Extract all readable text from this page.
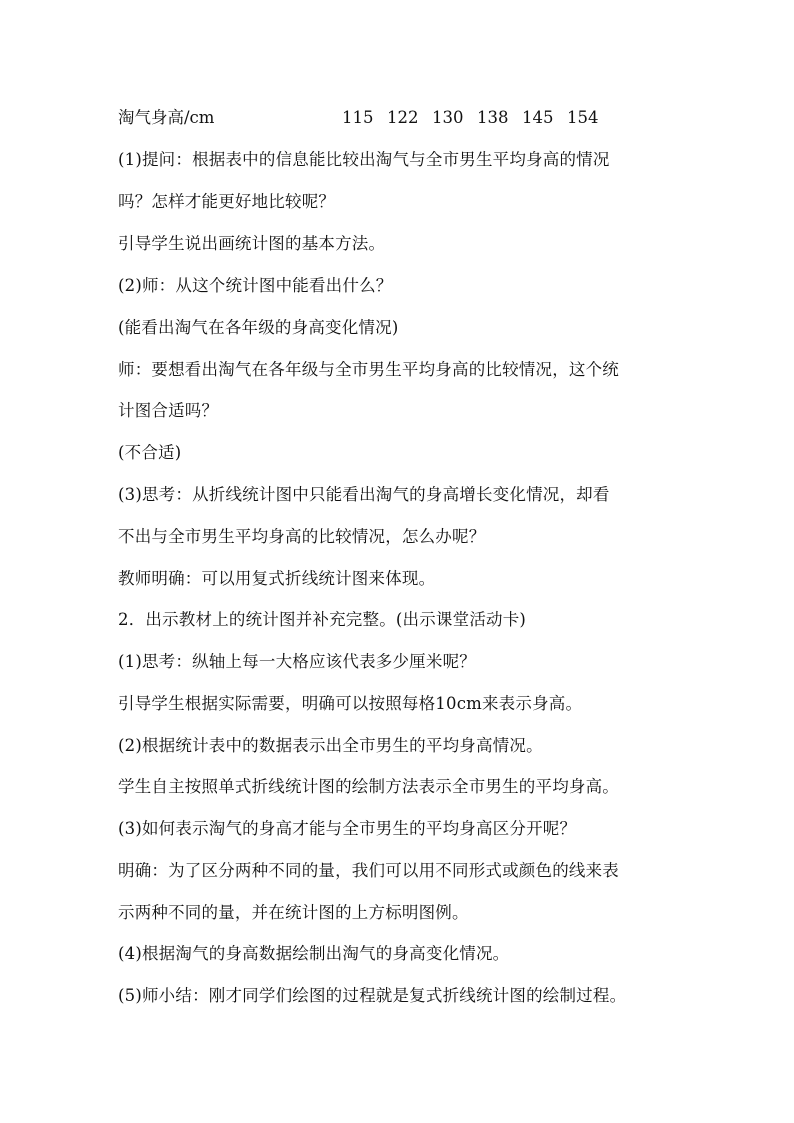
淘气身高/cm	115 122 130 138 145 154
(1)提问：根据表中的信息能比较出淘气与全市男生平均身高的情况
吗？怎样才能更好地比较呢？
引导学生说出画统计图的基本方法。
(2)师：从这个统计图中能看出什么？
(能看出淘气在各年级的身高变化情况)
师：要想看出淘气在各年级与全市男生平均身高的比较情况，这个统
计图合适吗？
(不合适)
(3)思考：从折线统计图中只能看出淘气的身高增长变化情况，却看
不出与全市男生平均身高的比较情况，怎么办呢？
教师明确：可以用复式折线统计图来体现。
2．出示教材上的统计图并补充完整。(出示课堂活动卡)
(1)思考：纵轴上每一大格应该代表多少厘米呢？
引导学生根据实际需要，明确可以按照每格10cm来表示身高。
(2)根据统计表中的数据表示出全市男生的平均身高情况。
学生自主按照单式折线统计图的绘制方法表示全市男生的平均身高。
(3)如何表示淘气的身高才能与全市男生的平均身高区分开呢？
明确：为了区分两种不同的量，我们可以用不同形式或颜色的线来表
示两种不同的量，并在统计图的上方标明图例。
(4)根据淘气的身高数据绘制出淘气的身高变化情况。
(5)师小结：刚才同学们绘图的过程就是复式折线统计图的绘制过程。
